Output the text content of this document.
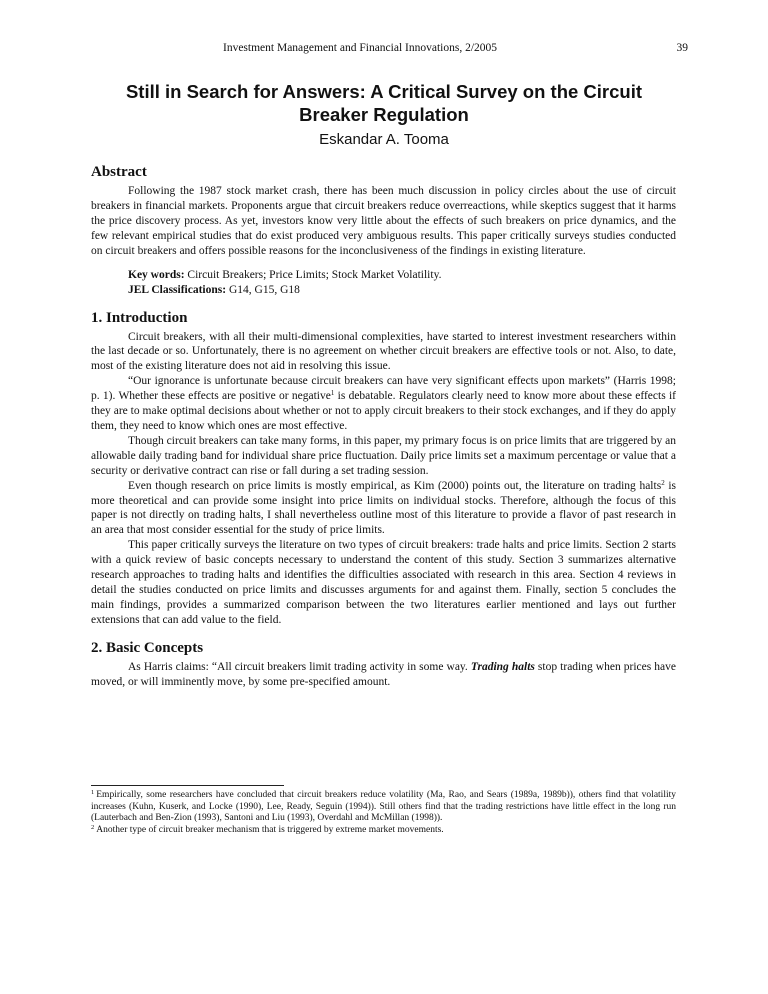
Investment Management and Financial Innovations, 2/2005	39
Still in Search for Answers: A Critical Survey on the Circuit Breaker Regulation
Eskandar A. Tooma
Abstract

Following the 1987 stock market crash, there has been much discussion in policy circles about the use of circuit breakers in financial markets. Proponents argue that circuit breakers reduce overreactions, while skeptics suggest that it harms the price discovery process. As yet, investors know very little about the effects of such breakers on price dynamics, and the few relevant empirical studies that do exist produced very ambiguous results. This paper critically surveys studies conducted on circuit breakers and offers possible reasons for the inconclusiveness of the findings in existing literature.

Key words: Circuit Breakers; Price Limits; Stock Market Volatility.
JEL Classifications: G14, G15, G18
1. Introduction

Circuit breakers, with all their multi-dimensional complexities, have started to interest investment researchers within the last decade or so. Unfortunately, there is no agreement on whether circuit breakers are effective tools or not. Also, to date, most of the existing literature does not aid in resolving this issue.

“Our ignorance is unfortunate because circuit breakers can have very significant effects upon markets” (Harris 1998; p. 1). Whether these effects are positive or negative$^1$ is debatable. Regulators clearly need to know more about these effects if they are to make optimal decisions about whether or not to apply circuit breakers to their stock exchanges, and if they do apply them, they need to know which ones are most effective.

Though circuit breakers can take many forms, in this paper, my primary focus is on price limits that are triggered by an allowable daily trading band for individual share price fluctuation. Daily price limits set a maximum percentage or value that a security or derivative contract can rise or fall during a set trading session.

Even though research on price limits is mostly empirical, as Kim (2000) points out, the literature on trading halts$^2$ is more theoretical and can provide some insight into price limits on individual stocks. Therefore, although the focus of this paper is not directly on trading halts, I shall nevertheless outline most of this literature to provide a flavor of past research in an area that most consider essential for the study of price limits.

This paper critically surveys the literature on two types of circuit breakers: trade halts and price limits. Section 2 starts with a quick review of basic concepts necessary to understand the content of this study. Section 3 summarizes alternative research approaches to trading halts and identifies the difficulties associated with research in this area. Section 4 reviews in detail the studies conducted on price limits and discusses arguments for and against them. Finally, section 5 concludes the main findings, provides a summarized comparison between the two literatures earlier mentioned and lays out further extensions that can add value to the field.

2. Basic Concepts

As Harris claims: “All circuit breakers limit trading activity in some way. Trading halts stop trading when prices have moved, or will imminently move, by some pre-specified amount.

$^1$ Empirically, some researchers have concluded that circuit breakers reduce volatility (Ma, Rao, and Sears (1989a, 1989b)), others find that volatility increases (Kuhn, Kuserk, and Locke (1990), Lee, Ready, Seguin (1994)). Still others find that the trading restrictions have little effect in the long run (Lauterbach and Ben-Zion (1993), Santoni and Liu (1993), Overdahl and McMillan (1998)).

$^2$ Another type of circuit breaker mechanism that is triggered by extreme market movements.
